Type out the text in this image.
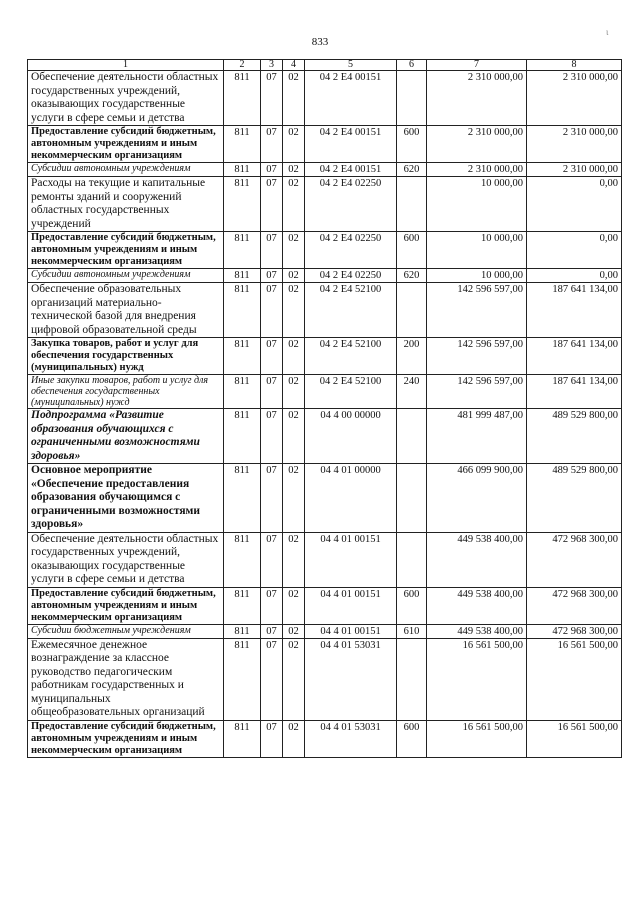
833
1	2	3	4	5	6	7	8
Обеспечение деятельности областных государственных учреждений, оказывающих государственные услуги в сфере семьи и детства	811	07	02	04 2 E4 00151		2 310 000,00	2 310 000,00
Предоставление субсидий бюджетным, автономным учреждениям и иным некоммерческим организациям	811	07	02	04 2 E4 00151	600	2 310 000,00	2 310 000,00
Субсидии автономным учреждениям	811	07	02	04 2 E4 00151	620	2 310 000,00	2 310 000,00
Расходы на текущие и капитальные ремонты зданий и сооружений областных государственных учреждений	811	07	02	04 2 E4 02250		10 000,00	0,00
Предоставление субсидий бюджетным, автономным учреждениям и иным некоммерческим организациям	811	07	02	04 2 E4 02250	600	10 000,00	0,00
Субсидии автономным учреждениям	811	07	02	04 2 E4 02250	620	10 000,00	0,00
Обеспечение образовательных организаций материально-технической базой для внедрения цифровой образовательной среды	811	07	02	04 2 E4 52100		142 596 597,00	187 641 134,00
Закупка товаров, работ и услуг для обеспечения государственных (муниципальных) нужд	811	07	02	04 2 E4 52100	200	142 596 597,00	187 641 134,00
Иные закупки товаров, работ и услуг для обеспечения государственных (муниципальных) нужд	811	07	02	04 2 E4 52100	240	142 596 597,00	187 641 134,00
Подпрограмма «Развитие образования обучающихся с ограниченными возможностями здоровья»	811	07	02	04 4 00 00000		481 999 487,00	489 529 800,00
Основное мероприятие «Обеспечение предоставления образования обучающимся с ограниченными возможностями здоровья»	811	07	02	04 4 01 00000		466 099 900,00	489 529 800,00
Обеспечение деятельности областных государственных учреждений, оказывающих государственные услуги в сфере семьи и детства	811	07	02	04 4 01 00151		449 538 400,00	472 968 300,00
Предоставление субсидий бюджетным, автономным учреждениям и иным некоммерческим организациям	811	07	02	04 4 01 00151	600	449 538 400,00	472 968 300,00
Субсидии бюджетным учреждениям	811	07	02	04 4 01 00151	610	449 538 400,00	472 968 300,00
Ежемесячное денежное вознаграждение за классное руководство педагогическим работникам государственных и муниципальных общеобразовательных организаций	811	07	02	04 4 01 53031		16 561 500,00	16 561 500,00
Предоставление субсидий бюджетным, автономным учреждениям и иным некоммерческим организациям	811	07	02	04 4 01 53031	600	16 561 500,00	16 561 500,00
ι
